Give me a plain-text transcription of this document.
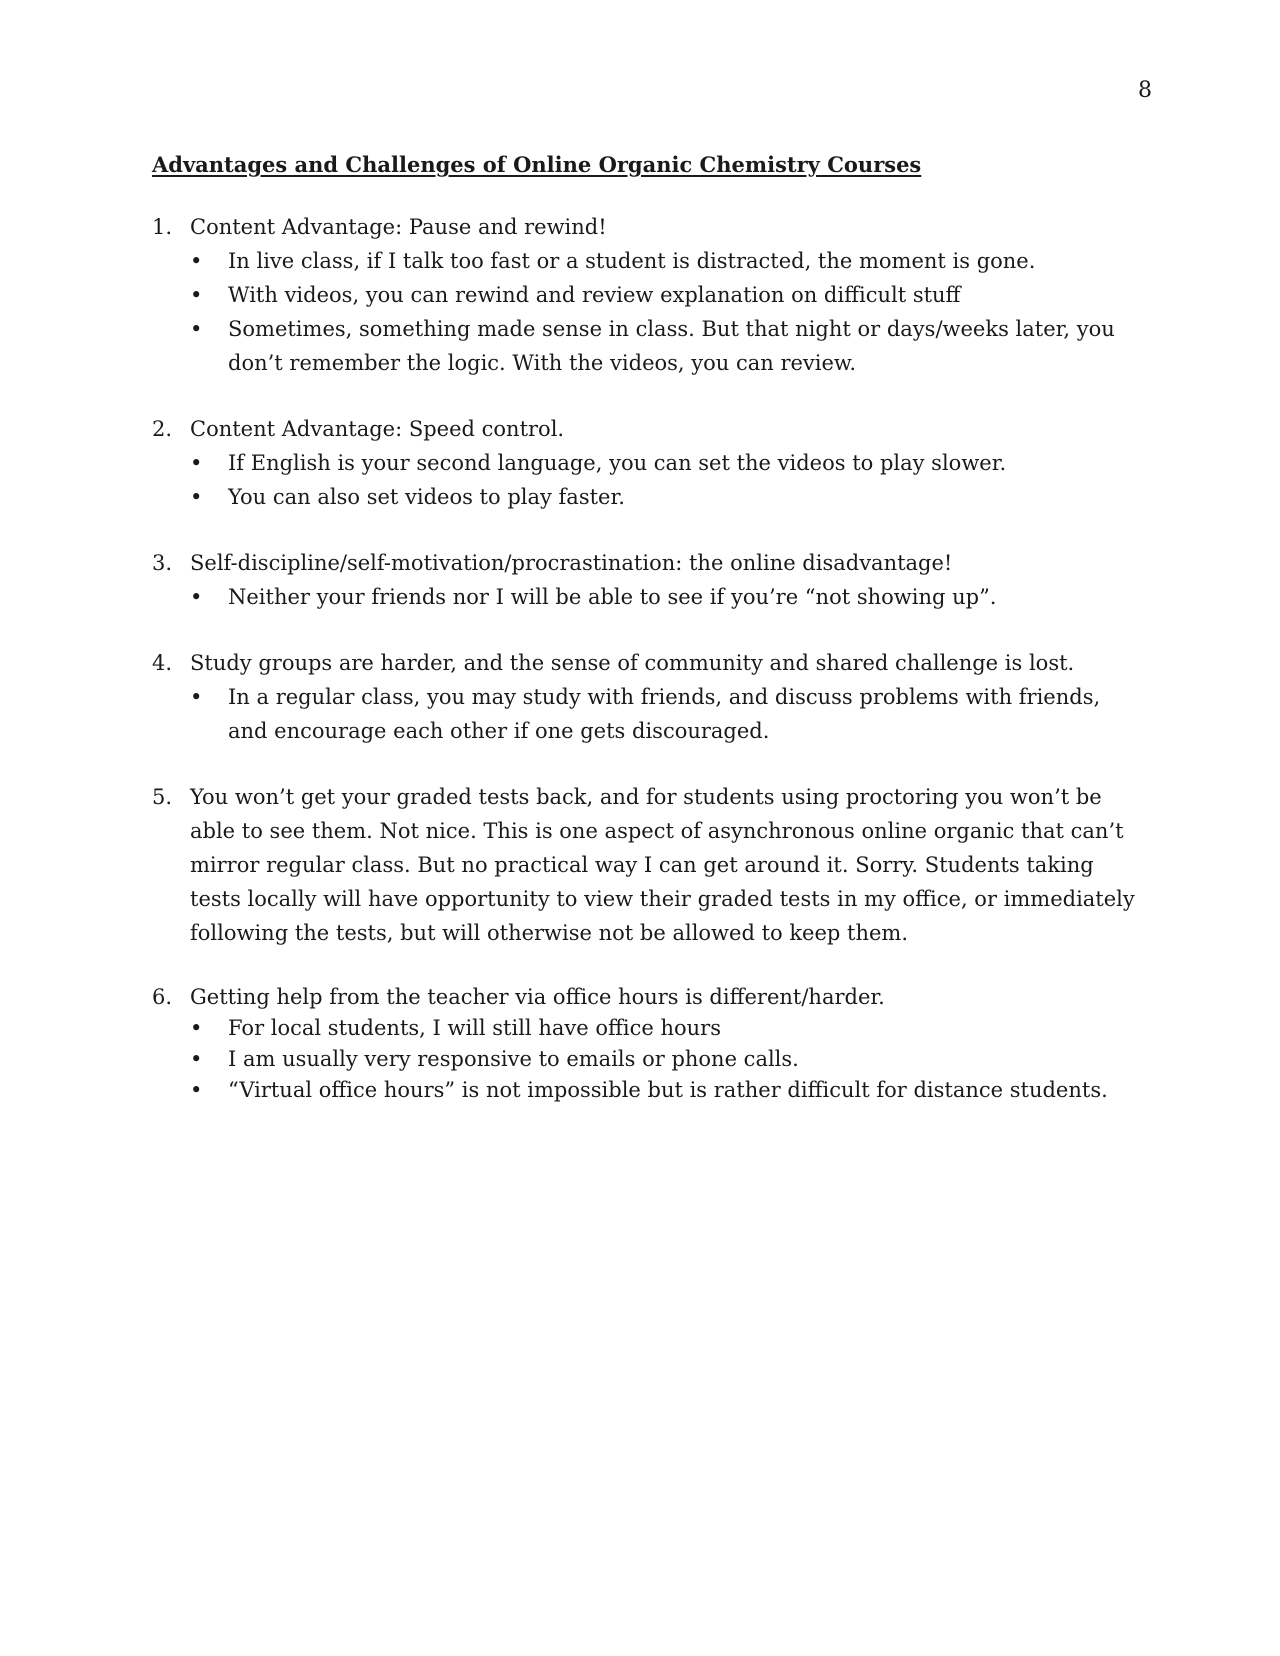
8
Advantages and Challenges of Online Organic Chemistry Courses
1. Content Advantage: Pause and rewind!
• In live class, if I talk too fast or a student is distracted, the moment is gone.
• With videos, you can rewind and review explanation on difficult stuff
• Sometimes, something made sense in class. But that night or days/weeks later, you don’t remember the logic. With the videos, you can review.
2. Content Advantage: Speed control.
• If English is your second language, you can set the videos to play slower.
• You can also set videos to play faster.
3. Self-discipline/self-motivation/procrastination: the online disadvantage!
• Neither your friends nor I will be able to see if you’re “not showing up”.
4. Study groups are harder, and the sense of community and shared challenge is lost.
• In a regular class, you may study with friends, and discuss problems with friends, and encourage each other if one gets discouraged.
5. You won’t get your graded tests back, and for students using proctoring you won’t be able to see them. Not nice. This is one aspect of asynchronous online organic that can’t mirror regular class. But no practical way I can get around it. Sorry. Students taking tests locally will have opportunity to view their graded tests in my office, or immediately following the tests, but will otherwise not be allowed to keep them.
6. Getting help from the teacher via office hours is different/harder.
• For local students, I will still have office hours
• I am usually very responsive to emails or phone calls.
• “Virtual office hours” is not impossible but is rather difficult for distance students.
